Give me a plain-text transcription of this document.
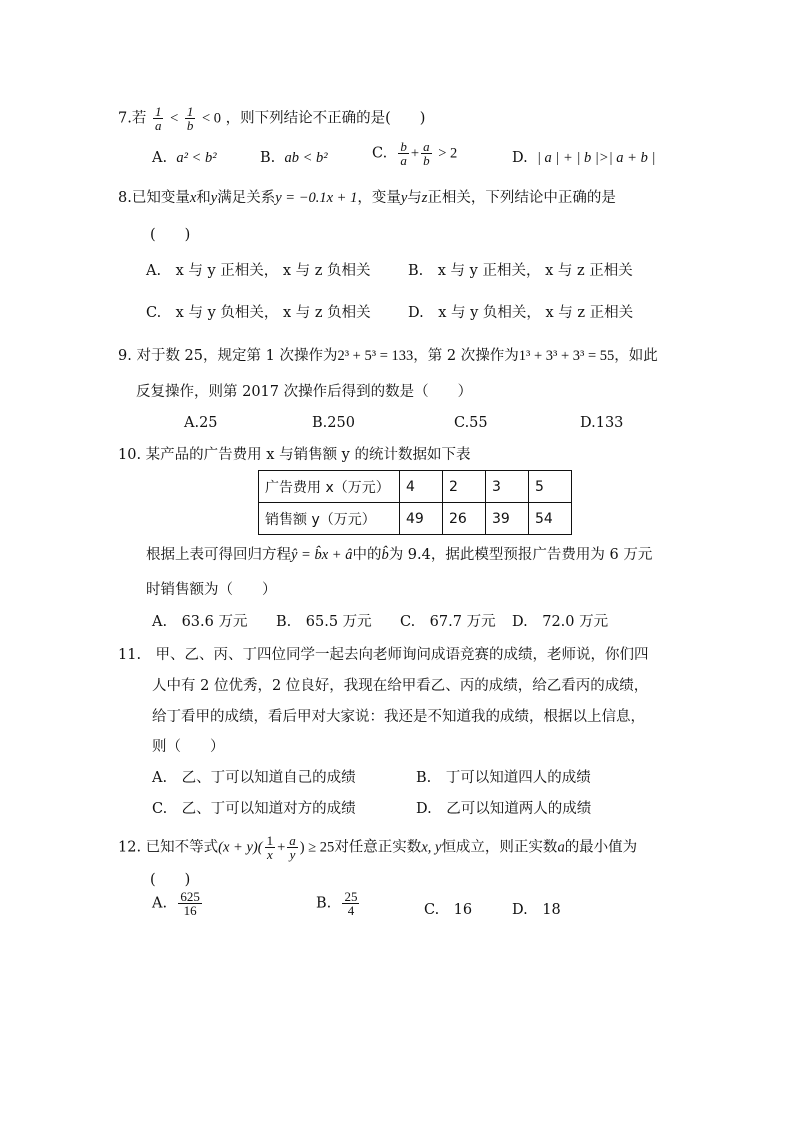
7.若 $\frac{1}{a} < \frac{1}{b} < 0$ ，则下列结论不正确的是(　　)
A. a² < b²	B. ab < b²	C. $\frac{b}{a} + \frac{a}{b} > 2$	D. | a | + | b |>| a + b |
8.已知变量x和y满足关系y = −0.1x + 1，变量y与z正相关，下列结论中正确的是
(　　)
A.　x 与 y 正相关， x 与 z 负相关	B.　x 与 y 正相关， x 与 z 正相关
C.　x 与 y 负相关， x 与 z 负相关	D.　x 与 y 负相关， x 与 z 正相关
9. 对于数 25，规定第 1 次操作为2³ + 5³ = 133，第 2 次操作为1³ + 3³ + 3³ = 55，如此
反复操作，则第 2017 次操作后得到的数是（　　）
A.25	B.250	C.55	D.133
10. 某产品的广告费用 x 与销售额 y 的统计数据如下表
广告费用 x（万元）	4	2	3	5
销售额 y（万元）	49	26	39	54
根据上表可得回归方程ŷ = b̂x + â中的b̂为 9.4，据此模型预报广告费用为 6 万元
时销售额为（　　）
A.　63.6 万元 B.　65.5 万元 C.　67.7 万元 D.　72.0 万元
11.　甲、乙、丙、丁四位同学一起去向老师询问成语竞赛的成绩，老师说，你们四
人中有 2 位优秀，2 位良好，我现在给甲看乙、丙的成绩，给乙看丙的成绩，
给丁看甲的成绩，看后甲对大家说：我还是不知道我的成绩，根据以上信息，
则（　　）
A.　乙、丁可以知道自己的成绩	B.　丁可以知道四人的成绩
C.　乙、丁可以知道对方的成绩	D.　乙可以知道两人的成绩
12. 已知不等式$(x + y)( \frac{1}{x} + \frac{a}{y}$ ) ≥ 25对任意正实数x, y恒成立，则正实数a的最小值为
(　　)
A. $\frac{625}{16}$	B. $\frac{25}{4}$	C.　16	D.　18
